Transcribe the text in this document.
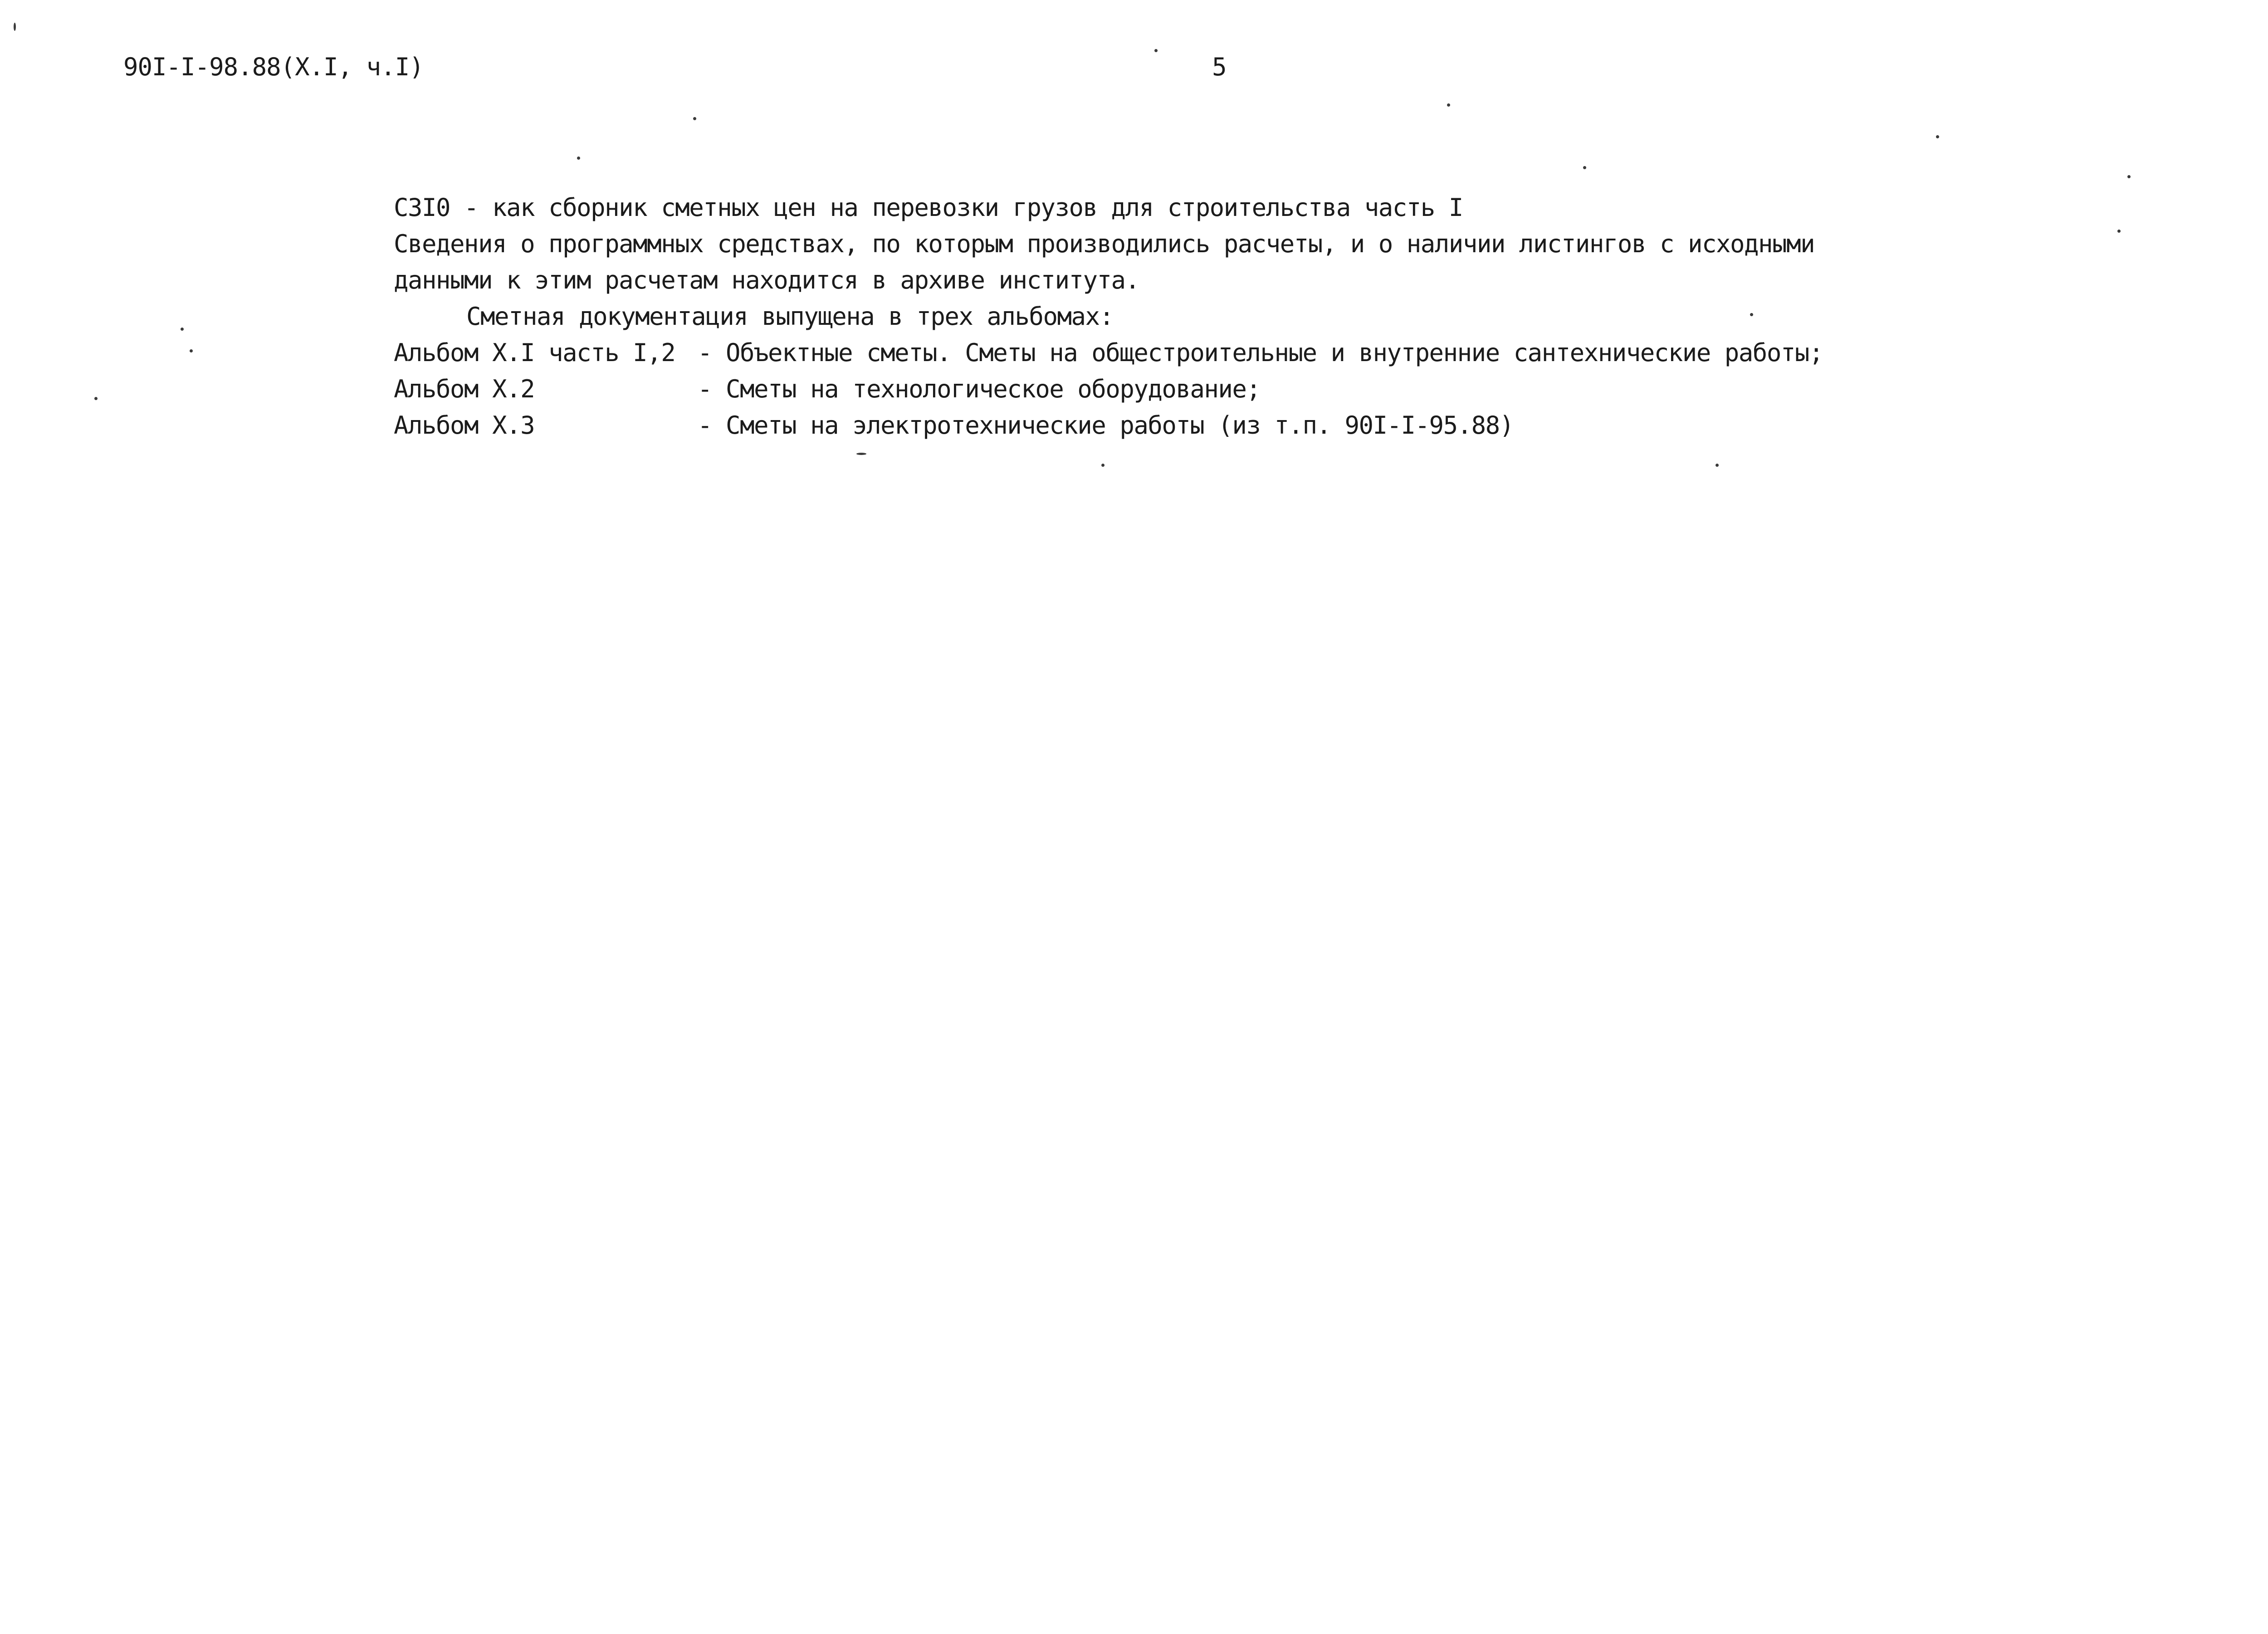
90I-I-98.88(X.I, ч.I)	5
С3I0 - как сборник сметных цен на перевозки грузов для строительства часть I
Сведения о программных средствах, по которым производились расчеты, и о наличии листингов с исходными
данными к этим расчетам находится в архиве института.
Сметная документация выпущена в трех альбомах:
Альбом X.I часть I,2 - Объектные сметы. Сметы на общестроительные и внутренние сантехнические работы;
Альбом X.2	- Сметы на технологическое оборудование;
Альбом X.3	- Сметы на электротехнические работы (из т.п. 90I-I-95.88)
